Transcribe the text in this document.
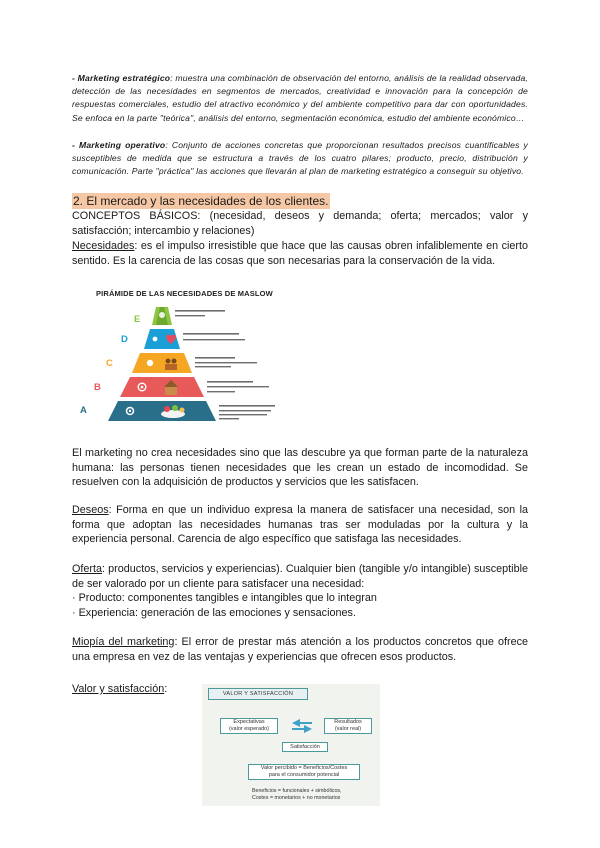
- Marketing estratégico: muestra una combinación de observación del entorno, análisis de la realidad observada, detección de las necesidades en segmentos de mercados, creatividad e innovación para la concepción de respuestas comerciales, estudio del atractivo económico y del ambiente competitivo para dar con oportunidades. Se enfoca en la parte "teórica", análisis del entorno, segmentación económica, estudio del ambiente económico…
- Marketing operativo: Conjunto de acciones concretas que proporcionan resultados precisos cuantificables y susceptibles de medida que se estructura a través de los cuatro pilares; producto, precio, distribución y comunicación. Parte "práctica" las acciones que llevarán al plan de marketing estratégico a conseguir su objetivo.
2. El mercado y las necesidades de los clientes.
CONCEPTOS BÁSICOS: (necesidad, deseos y demanda; oferta; mercados; valor y satisfacción; intercambio y relaciones)
Necesidades: es el impulso irresistible que hace que las causas obren infaliblemente en cierto sentido. Es la carencia de las cosas que son necesarias para la conservación de la vida.
PIRÁMIDE DE LAS NECESIDADES DE MASLOW
E
D
C
B
A
El marketing no crea necesidades sino que las descubre ya que forman parte de la naturaleza humana: las personas tienen necesidades que les crean un estado de incomodidad. Se resuelven con la adquisición de productos y servicios que les satisfacen.
Deseos: Forma en que un individuo expresa la manera de satisfacer una necesidad, son la forma que adoptan las necesidades humanas tras ser moduladas por la cultura y la experiencia personal. Carencia de algo específico que satisfaga las necesidades.
Oferta: productos, servicios y experiencias). Cualquier bien (tangible y/o intangible) susceptible de ser valorado por un cliente para satisfacer una necesidad:
· Producto: componentes tangibles e intangibles que lo integran
· Experiencia: generación de las emociones y sensaciones.
Miopía del marketing: El error de prestar más atención a los productos concretos que ofrece una empresa en vez de las ventajas y experiencias que ofrecen esos productos.
Valor y satisfacción:	VALOR Y SATISFACCIÓN
Expectativas
(valor esperado)
Resultados
(valor real)
Satisfacción
Valor percibido = Beneficios/Costes
para el consumidor potencial
Beneficios = funcionales + simbólicos,
Costes = monetarios + no monetarios
